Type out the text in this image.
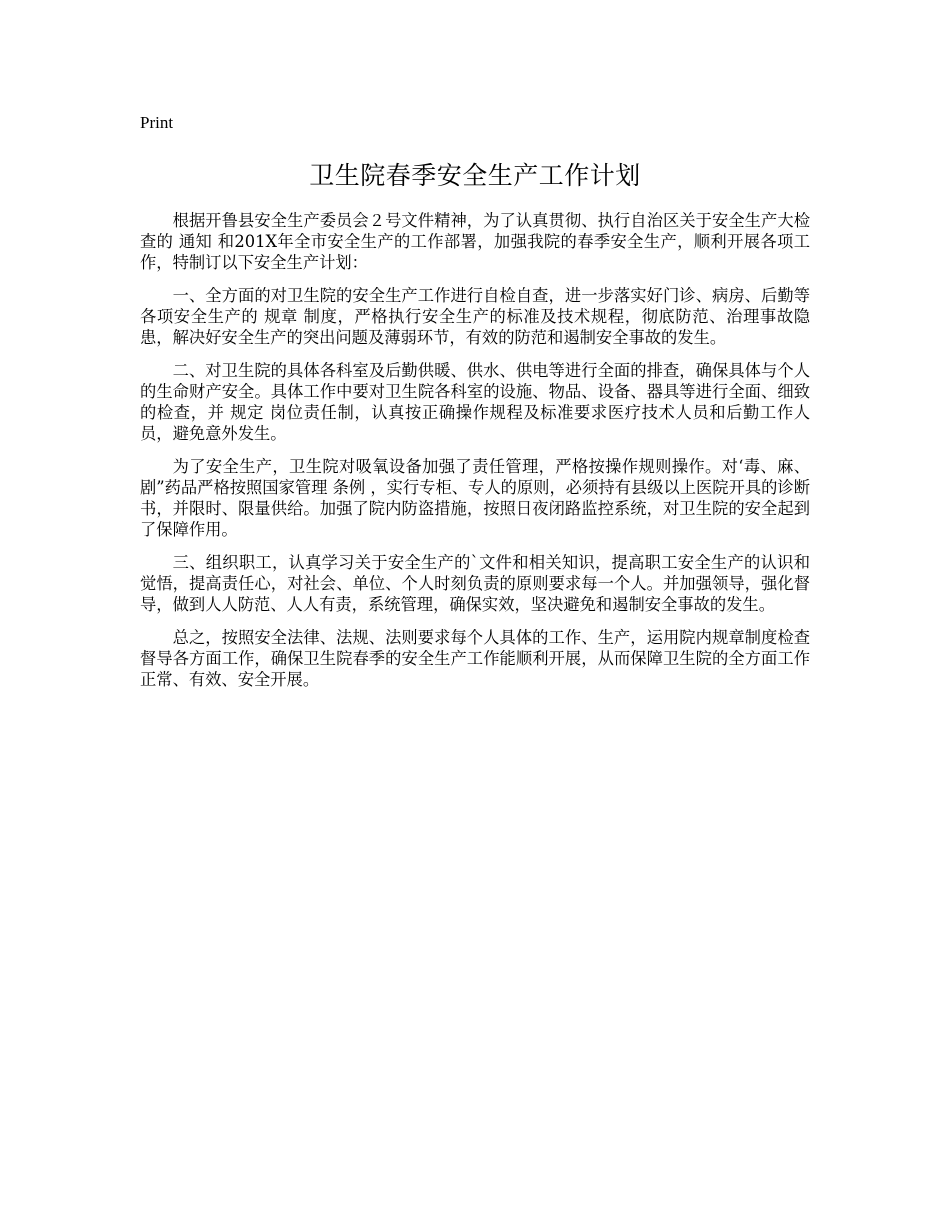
Print
卫生院春季安全生产工作计划

根据开鲁县安全生产委员会２号文件精神，为了认真贯彻、执行自治区关于安全生产大检查的 通知 和201X年全市安全生产的工作部署，加强我院的春季安全生产，顺利开展各项工作，特制订以下安全生产计划：

一、全方面的对卫生院的安全生产工作进行自检自查，进一步落实好门诊、病房、后勤等各项安全生产的 规章 制度，严格执行安全生产的标准及技术规程，彻底防范、治理事故隐患，解决好安全生产的突出问题及薄弱环节，有效的防范和遏制安全事故的发生。

二、对卫生院的具体各科室及后勤供暖、供水、供电等进行全面的排查，确保具体与个人的生命财产安全。具体工作中要对卫生院各科室的设施、物品、设备、器具等进行全面、细致的检查，并 规定 岗位责任制，认真按正确操作规程及标准要求医疗技术人员和后勤工作人员，避免意外发生。

为了安全生产，卫生院对吸氧设备加强了责任管理，严格按操作规则操作。对‘毒、麻、剧”药品严格按照国家管理 条例 ，实行专柜、专人的原则，必须持有县级以上医院开具的诊断书，并限时、限量供给。加强了院内防盗措施，按照日夜闭路监控系统，对卫生院的安全起到了保障作用。

三、组织职工，认真学习关于安全生产的`文件和相关知识，提高职工安全生产的认识和觉悟，提高责任心，对社会、单位、个人时刻负责的原则要求每一个人。并加强领导，强化督导，做到人人防范、人人有责，系统管理，确保实效，坚决避免和遏制安全事故的发生。

总之，按照安全法律、法规、法则要求每个人具体的工作、生产，运用院内规章制度检查督导各方面工作，确保卫生院春季的安全生产工作能顺利开展，从而保障卫生院的全方面工作正常、有效、安全开展。
